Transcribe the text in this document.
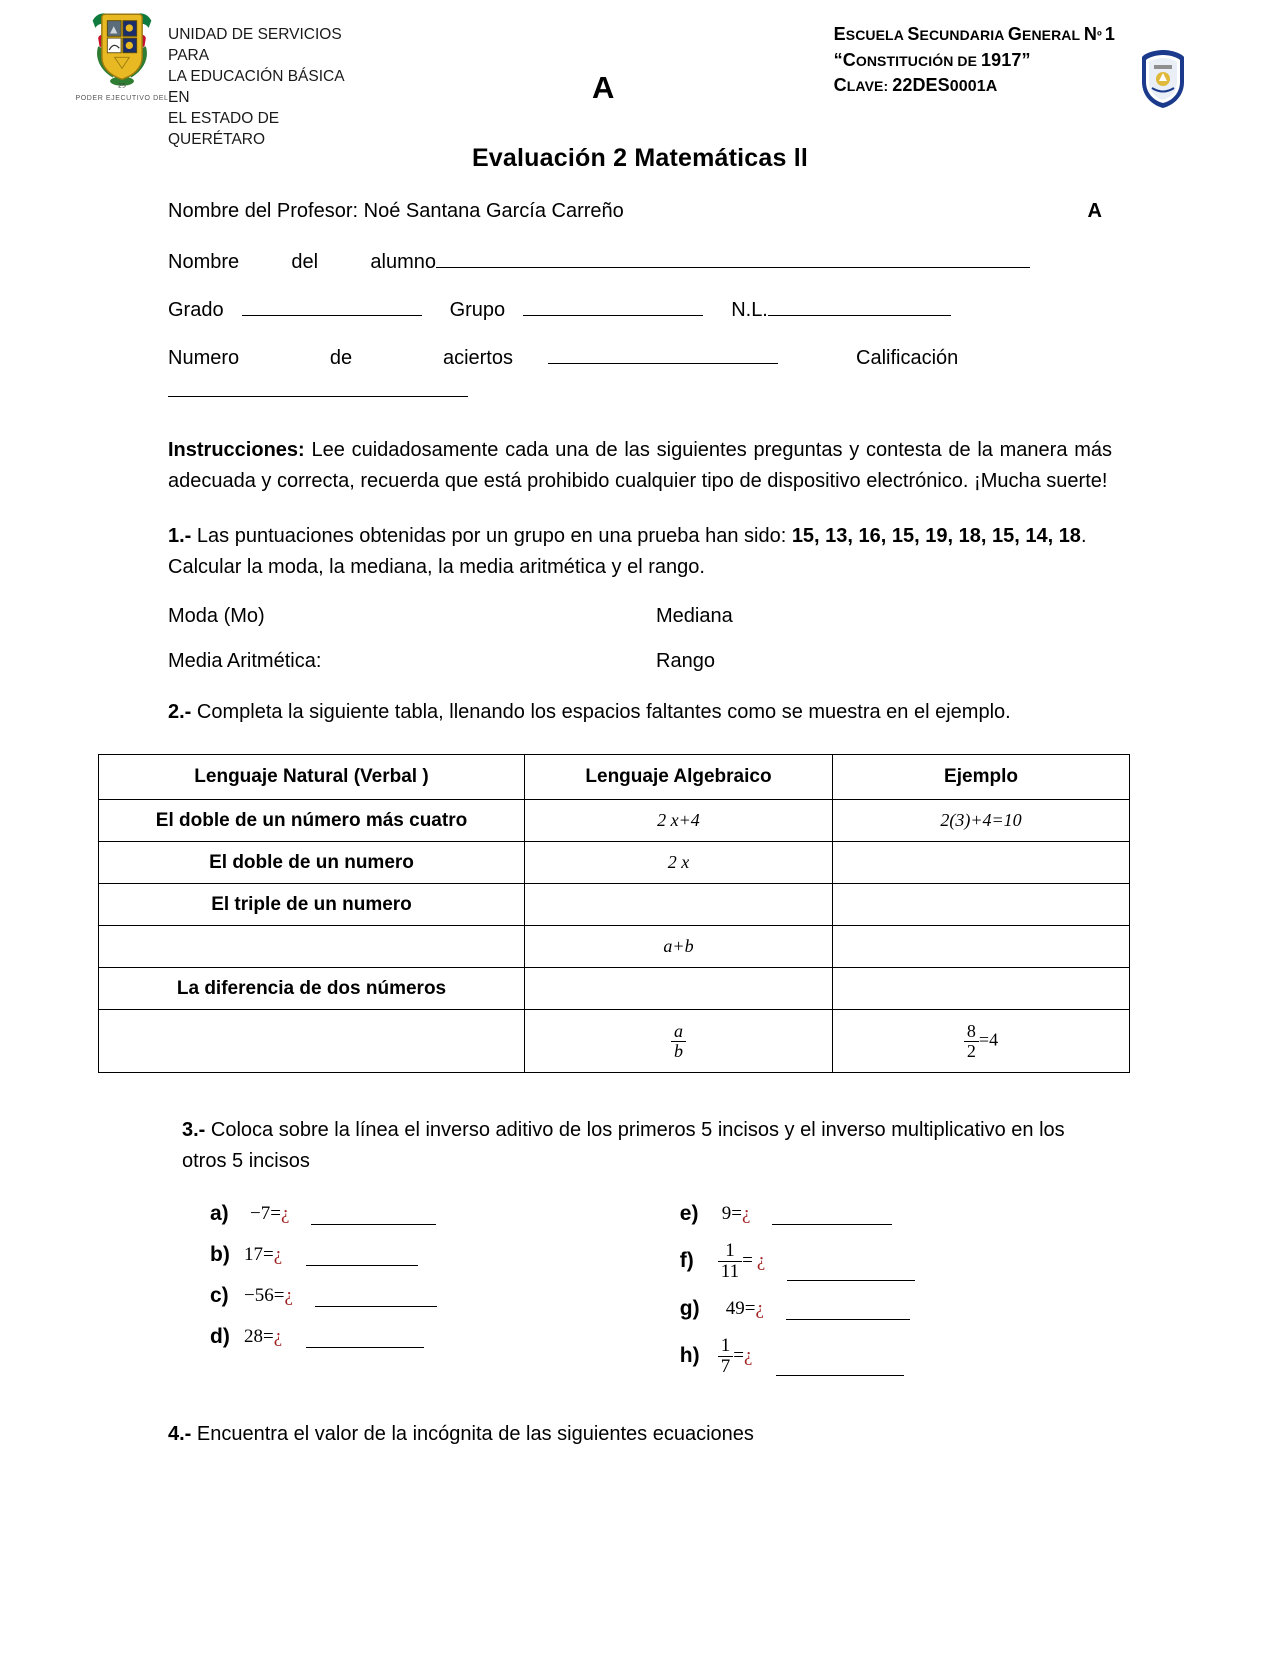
25
PODER EJECUTIVO DEL
UNIDAD DE SERVICIOS
PARA
LA EDUCACIÓN BÁSICA
EN
EL ESTADO DE
QUERÉTARO
A
ESCUELA SECUNDARIA GENERAL Nº 1
“CONSTITUCIÓN DE 1917”
CLAVE: 22DES0001A
Evaluación 2 Matemáticas ll
Nombre del Profesor: Noé Santana García Carreño	A
Nombre	del	alumno
Grado	Grupo	N.L.
Numero	de	aciertos	Calificación
Instrucciones: Lee cuidadosamente cada una de las siguientes preguntas y contesta de la manera más adecuada y correcta, recuerda que está prohibido cualquier tipo de dispositivo electrónico. ¡Mucha suerte!
1.- Las puntuaciones obtenidas por un grupo en una prueba han sido: 15, 13, 16, 15, 19, 18, 15, 14, 18. Calcular la moda, la mediana, la media aritmética y el rango.
Moda (Mo)	Mediana
Media Aritmética:	Rango
2.- Completa la siguiente tabla, llenando los espacios faltantes como se muestra en el ejemplo.
Lenguaje Natural (Verbal )	Lenguaje Algebraico	Ejemplo
El doble de un número más cuatro	2 x+4	2(3)+4=10
El doble de un numero	2 x	
El triple de un numero		
	a+b	
La diferencia de dos números		

	$\frac{a}{b}$	$\frac{8}{2} =4$
3.- Coloca sobre la línea el inverso aditivo de los primeros 5 incisos y el inverso multiplicativo en los otros 5 incisos
a)	−7 = ¿
b) 17 = ¿
c) −56 = ¿
d) 28 = ¿
e)	9 = ¿
f)	$\frac{1}{11}$ = ¿
g)	49 = ¿
$h) \frac{1}{7}$ = ¿
4.- Encuentra el valor de la incógnita de las siguientes ecuaciones
